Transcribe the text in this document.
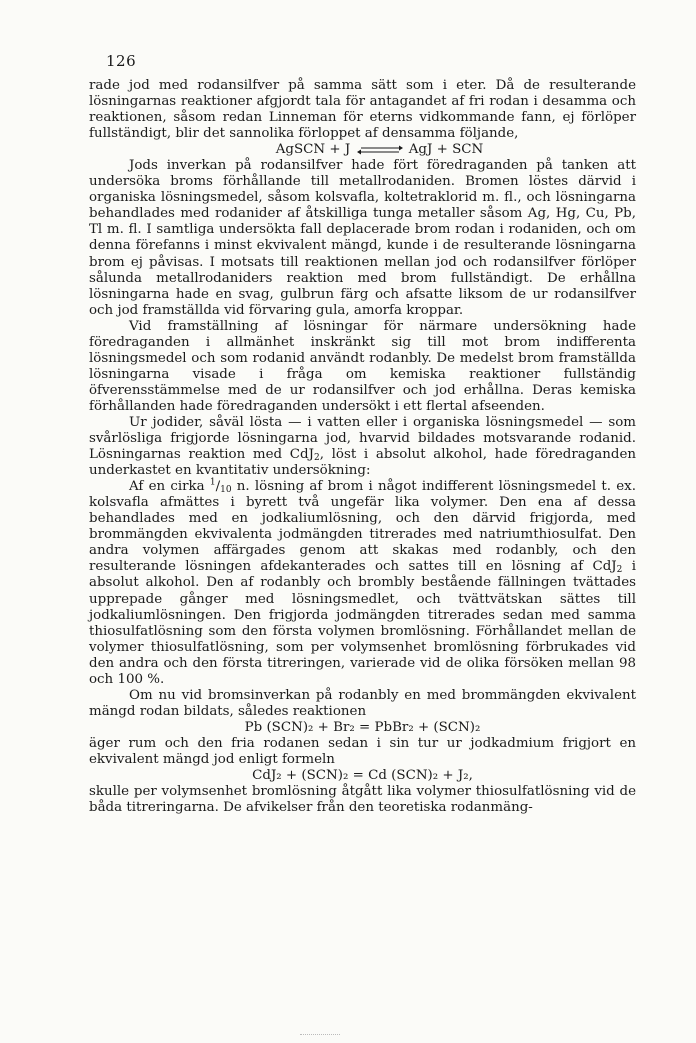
126

rade jod med rodansilfver på samma sätt som i eter. Då de resulterande lösningarnas reaktioner afgjordt tala för antagandet af fri rodan i desamma och reaktionen, såsom redan Linneman för eterns vidkommande fann, ej förlöper fullständigt, blir det sannolika förloppet af densamma följande,

AgSCN + J ⇌ AgJ + SCN

Jods inverkan på rodansilfver hade fört föredraganden på tanken att undersöka broms förhållande till metallrodaniden. Bromen löstes därvid i organiska lösningsmedel, såsom kolsvafla, koltetraklorid m. fl., och lösningarna behandlades med rodanider af åtskilliga tunga metaller såsom Ag, Hg, Cu, Pb, Tl m. fl. I samtliga undersökta fall deplacerade brom rodan i rodaniden, och om denna förefanns i minst ekvivalent mängd, kunde i de resulterande lösningarna brom ej påvisas. I motsats till reaktionen mellan jod och rodansilfver förlöper sålunda metallrodaniders reaktion med brom fullständigt. De erhållna lösningarna hade en svag, gulbrun färg och afsatte liksom de ur rodansilfver och jod framställda vid förvaring gula, amorfa kroppar.

Vid framställning af lösningar för närmare undersökning hade föredraganden i allmänhet inskränkt sig till mot brom indifferenta lösningsmedel och som rodanid användt rodanbly. De medelst brom framställda lösningarna visade i fråga om kemiska reaktioner fullständig öfverensstämmelse med de ur rodansilfver och jod erhållna. Deras kemiska förhållanden hade föredraganden undersökt i ett flertal afseenden.

Ur jodider, såväl lösta — i vatten eller i organiska lösningsmedel — som svårlösliga frigjorde lösningarna jod, hvarvid bildades motsvarande rodanid. Lösningarnas reaktion med CdJ$_2$, löst i absolut alkohol, hade föredraganden underkastet en kvantitativ undersökning:

Af en cirka $^1/_{10}$ n. lösning af brom i något indifferent lösningsmedel t. ex. kolsvafla afmättes i byrett två ungefär lika volymer. Den ena af dessa behandlades med en jodkaliumlösning, och den därvid frigjorda, med brommängden ekvivalenta jodmängden titrerades med natriumthiosulfat. Den andra volymen affärgades genom att skakas med rodanbly, och den resulterande lösningen afdekanterades och sattes till en lösning af CdJ$_2$ i absolut alkohol. Den af rodanbly och brombly bestående fällningen tvättades upprepade gånger med lösningsmedlet, och tvättvätskan sättes till jodkaliumlösningen. Den frigjorda jodmängden titrerades sedan med samma thiosulfatlösning som den första volymen bromlösning. Förhållandet mellan de volymer thiosulfatlösning, som per volymsenhet bromlösning förbrukades vid den andra och den första titreringen, varierade vid de olika försöken mellan 98 och 100 %.

Om nu vid bromsinverkan på rodanbly en med brommängden ekvivalent mängd rodan bildats, således reaktionen

Pb (SCN)₂ + Br₂ = PbBr₂ + (SCN)₂

äger rum och den fria rodanen sedan i sin tur ur jodkadmium frigjort en ekvivalent mängd jod enligt formeln

CdJ₂ + (SCN)₂ = Cd (SCN)₂ + J₂,

skulle per volymsenhet bromlösning åtgått lika volymer thiosulfatlösning vid de båda titreringarna. De afvikelser från den teoretiska rodanmäng-
